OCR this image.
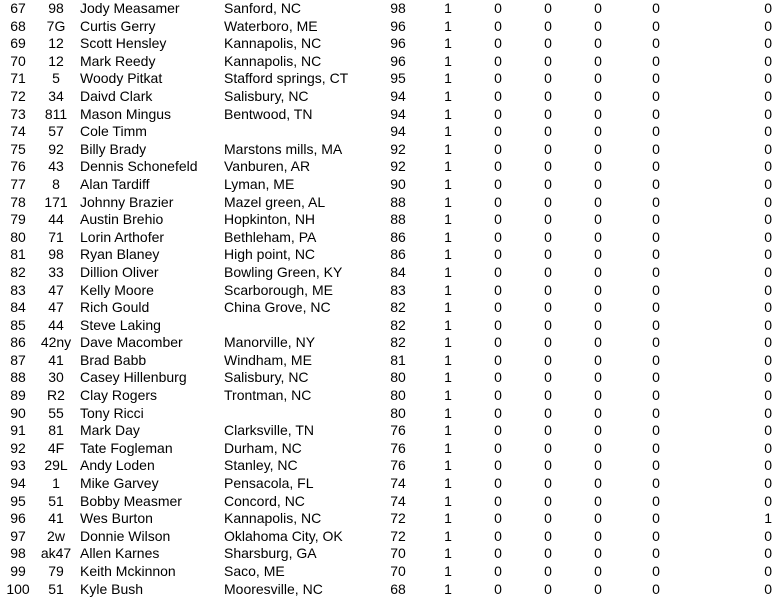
67	98	Jody Measamer	Sanford, NC	98	1	0	0	0	0	0
68	7G	Curtis Gerry	Waterboro, ME	96	1	0	0	0	0	0
69	12	Scott Hensley	Kannapolis, NC	96	1	0	0	0	0	0
70	12	Mark Reedy	Kannapolis, NC	96	1	0	0	0	0	0
71	5	Woody Pitkat	Stafford springs, CT	95	1	0	0	0	0	0
72	34	Daivd Clark	Salisbury, NC	94	1	0	0	0	0	0
73	811	Mason Mingus	Bentwood, TN	94	1	0	0	0	0	0
74	57	Cole Timm		94	1	0	0	0	0	0
75	92	Billy Brady	Marstons mills, MA	92	1	0	0	0	0	0
76	43	Dennis Schonefeld	Vanburen, AR	92	1	0	0	0	0	0
77	8	Alan Tardiff	Lyman, ME	90	1	0	0	0	0	0
78	171	Johnny Brazier	Mazel green, AL	88	1	0	0	0	0	0
79	44	Austin Brehio	Hopkinton, NH	88	1	0	0	0	0	0
80	71	Lorin Arthofer	Bethleham, PA	86	1	0	0	0	0	0
81	98	Ryan Blaney	High point, NC	86	1	0	0	0	0	0
82	33	Dillion Oliver	Bowling Green, KY	84	1	0	0	0	0	0
83	47	Kelly Moore	Scarborough, ME	83	1	0	0	0	0	0
84	47	Rich Gould	China Grove, NC	82	1	0	0	0	0	0
85	44	Steve Laking		82	1	0	0	0	0	0
86	42ny	Dave Macomber	Manorville, NY	82	1	0	0	0	0	0
87	41	Brad Babb	Windham, ME	81	1	0	0	0	0	0
88	30	Casey Hillenburg	Salisbury, NC	80	1	0	0	0	0	0
89	R2	Clay Rogers	Trontman, NC	80	1	0	0	0	0	0
90	55	Tony Ricci		80	1	0	0	0	0	0
91	81	Mark Day	Clarksville, TN	76	1	0	0	0	0	0
92	4F	Tate Fogleman	Durham, NC	76	1	0	0	0	0	0
93	29L	Andy Loden	Stanley, NC	76	1	0	0	0	0	0
94	1	Mike Garvey	Pensacola, FL	74	1	0	0	0	0	0
95	51	Bobby Measmer	Concord, NC	74	1	0	0	0	0	0
96	41	Wes Burton	Kannapolis, NC	72	1	0	0	0	0	1
97	2w	Donnie Wilson	Oklahoma City, OK	72	1	0	0	0	0	0
98	ak47	Allen Karnes	Sharsburg, GA	70	1	0	0	0	0	0
99	79	Keith Mckinnon	Saco, ME	70	1	0	0	0	0	0
100	51	Kyle Bush	Mooresville, NC	68	1	0	0	0	0	0
